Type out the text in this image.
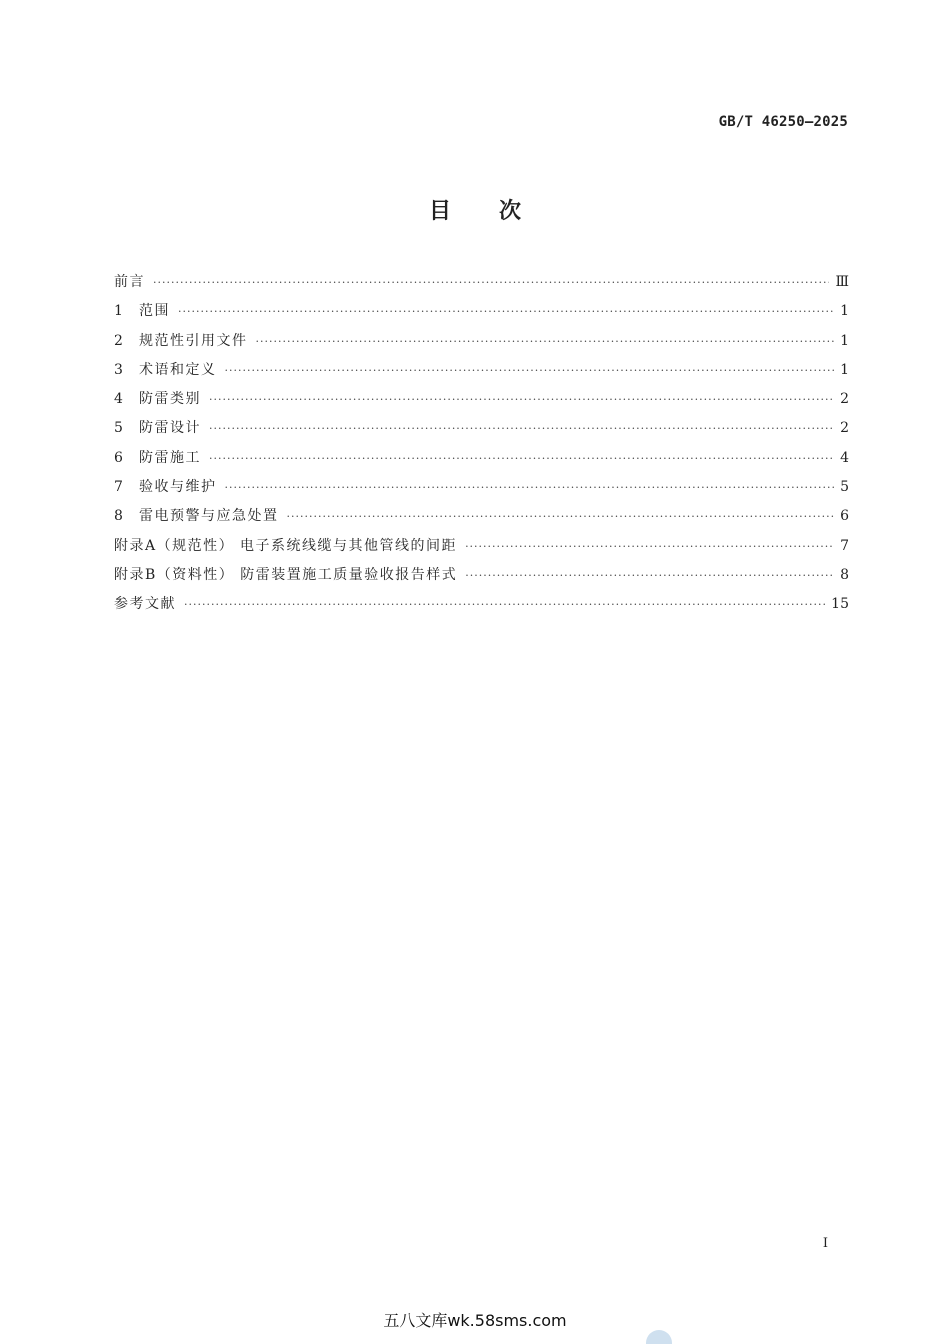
GB/T 46250—2025
目次
前言 ·····	Ⅲ
1	范围 ·····	1
2	规范性引用文件 ·····	1
3	术语和定义 ·····	1
4	防雷类别 ·····	2
5	防雷设计 ·····	2
6	防雷施工 ·····	4
7	验收与维护 ·····	5
8	雷电预警与应急处置 ·····	6
附录A（规范性） 电子系统线缆与其他管线的间距 ·····	7
附录B（资料性） 防雷装置施工质量验收报告样式 ·····	8
参考文献 ·····	15
I
五八文库wk.58sms.com
